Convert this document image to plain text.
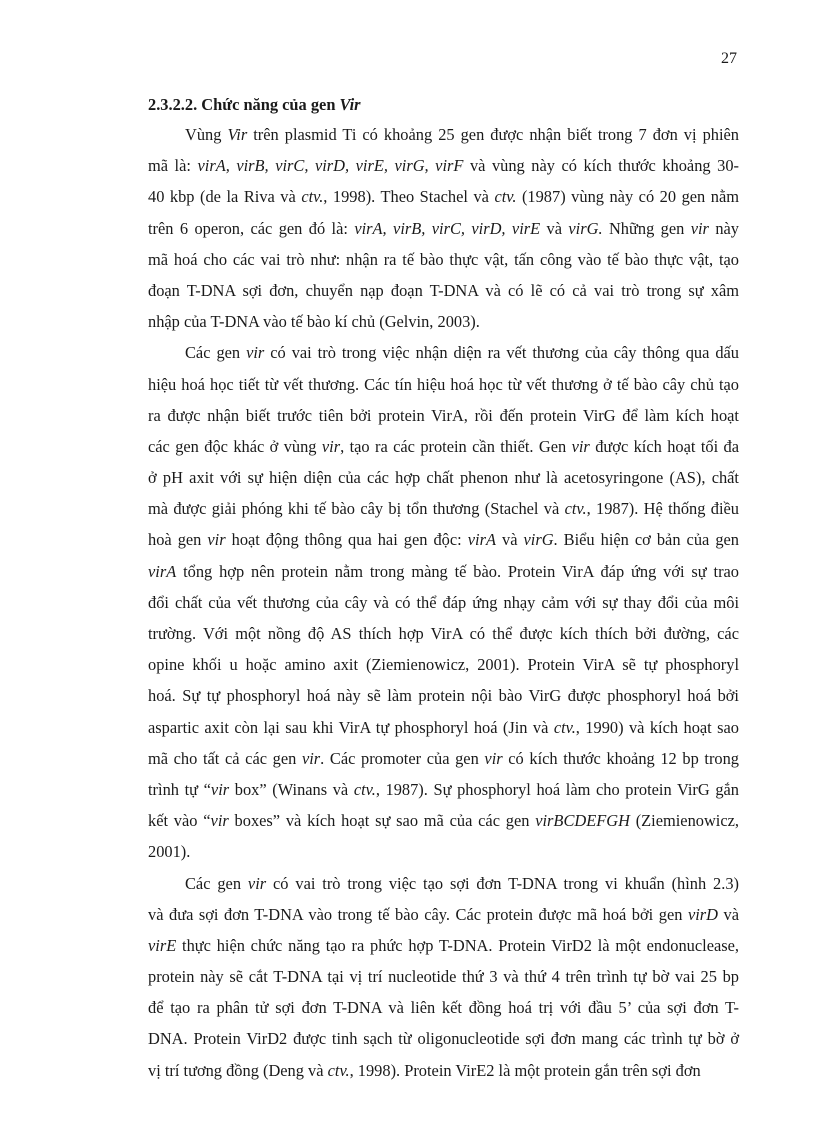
27
2.3.2.2. Chức năng của gen Vir
Vùng Vir trên plasmid Ti có khoảng 25 gen được nhận biết trong 7 đơn vị phiên
mã là: virA, virB, virC, virD, virE, virG, virF và vùng này có kích thước khoảng 30-
40 kbp (de la Riva và ctv., 1998). Theo Stachel và ctv. (1987) vùng này có 20 gen nằm
trên 6 operon, các gen đó là: virA, virB, virC, virD, virE và virG. Những gen vir này
mã hoá cho các vai trò như: nhận ra tế bào thực vật, tấn công vào tế bào thực vật, tạo
đoạn T-DNA sợi đơn, chuyển nạp đoạn T-DNA và có lẽ có cả vai trò trong sự xâm
nhập của T-DNA vào tế bào kí chủ (Gelvin, 2003).
Các gen vir có vai trò trong việc nhận diện ra vết thương của cây thông qua dấu
hiệu hoá học tiết từ vết thương. Các tín hiệu hoá học từ vết thương ở tế bào cây chủ tạo
ra được nhận biết trước tiên bởi protein VirA, rồi đến protein VirG để làm kích hoạt
các gen độc khác ở vùng vir, tạo ra các protein cần thiết. Gen vir được kích hoạt tối đa
ở pH axit với sự hiện diện của các hợp chất phenon như là acetosyringone (AS), chất
mà được giải phóng khi tế bào cây bị tổn thương (Stachel và ctv., 1987). Hệ thống điều
hoà gen vir hoạt động thông qua hai gen độc: virA và virG. Biểu hiện cơ bản của gen
virA tổng hợp nên protein nằm trong màng tế bào. Protein VirA đáp ứng với sự trao
đổi chất của vết thương của cây và có thể đáp ứng nhạy cảm với sự thay đổi của môi
trường. Với một nồng độ AS thích hợp VirA có thể được kích thích bởi đường, các
opine khối u hoặc amino axit (Ziemienowicz, 2001). Protein VirA sẽ tự phosphoryl
hoá. Sự tự phosphoryl hoá này sẽ làm protein nội bào VirG được phosphoryl hoá bởi
aspartic axit còn lại sau khi VirA tự phosphoryl hoá (Jin và ctv., 1990) và kích hoạt sao
mã cho tất cả các gen vir. Các promoter của gen vir có kích thước khoảng 12 bp trong
trình tự “vir box” (Winans và ctv., 1987). Sự phosphoryl hoá làm cho protein VirG gắn
kết vào “vir boxes” và kích hoạt sự sao mã của các gen virBCDEFGH (Ziemienowicz,
2001).
Các gen vir có vai trò trong việc tạo sợi đơn T-DNA trong vi khuẩn (hình 2.3)
và đưa sợi đơn T-DNA vào trong tế bào cây. Các protein được mã hoá bởi gen virD và
virE thực hiện chức năng tạo ra phức hợp T-DNA. Protein VirD2 là một endonuclease,
protein này sẽ cắt T-DNA tại vị trí nucleotide thứ 3 và thứ 4 trên trình tự bờ vai 25 bp
để tạo ra phân tử sợi đơn T-DNA và liên kết đồng hoá trị với đầu 5’ của sợi đơn T-
DNA. Protein VirD2 được tinh sạch từ oligonucleotide sợi đơn mang các trình tự bờ ở
vị trí tương đồng (Deng và ctv., 1998). Protein VirE2 là một protein gắn trên sợi đơn
